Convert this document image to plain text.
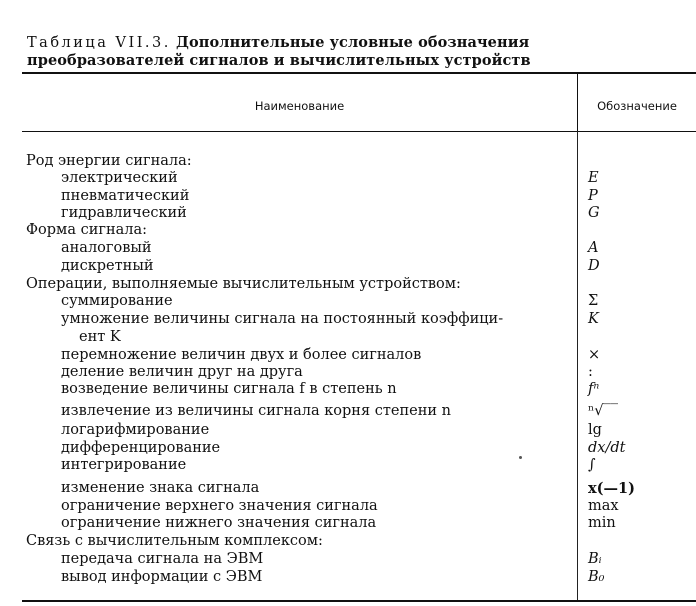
Таблица VII.3. Дополнительные условные обозначения
преобразователей сигналов и вычислительных устройств
Наименование	Обозначение
Род энергии сигнала:
электрический	E
пневматический	P
гидравлический	G
Форма сигнала:
аналоговый	A
дискретный	D
Операции, выполняемые вычислительным устройством:
суммирование	Σ
умножение величины сигнала на постоянный коэффици-	K
ент K
перемножение величин двух и более сигналов	×
деление величин друг на друга	:
возведение величины сигнала f в степень n	fⁿ
извлечение из величины сигнала корня степени n	ⁿ√‾‾
логарифмирование	lg
дифференцирование	dx/dt
интегрирование	∫
изменение знака сигнала	x(—1)
ограничение верхнего значения сигнала	max
ограничение нижнего значения сигнала	min
Связь с вычислительным комплексом:
передача сигнала на ЭВМ	Bᵢ
вывод информации с ЭВМ	B₀
